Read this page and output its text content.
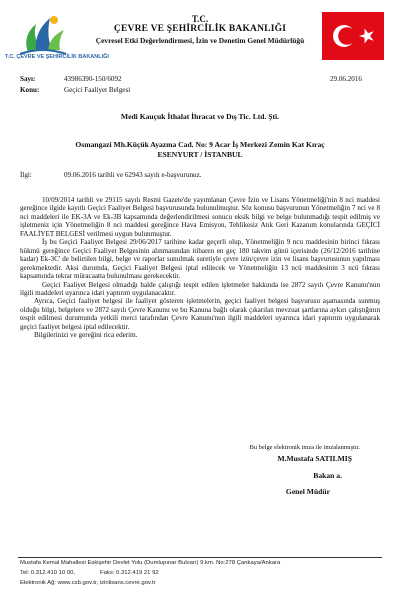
T.C. ÇEVRE VE ŞEHİRCİLİK BAKANLIĞI
T.C.
ÇEVRE VE ŞEHİRCİLİK BAKANLIĞI
Çevresel Etki Değerlendirmesi, İzin ve Denetim Genel Müdürlüğü
Sayı:	43986390-150/6092	29.06.2016
Konu:	Geçici Faaliyet Belgesi
Medi Kauçuk İthalat İhracat ve Dış Tic. Ltd. Şti.
Osmangazi Mh.Küçük Ayazma Cad. No: 9 Acar İş Merkezi Zemin Kat Kıraç
ESENYURT / İSTANBUL
İlgi:	09.06.2016 tarihli ve 62943 sayılı e-başvurunuz.

10/09/2014 tarihli ve 29115 sayılı Resmi Gazete'de yayımlanan Çevre İzin ve Lisans Yönetmeliği'nin 8 nci maddesi gereğince ilgide kayıtlı Geçici Faaliyet Belgesi başvurusunda bulunulmuştur. Söz konusu başvurunun Yönetmeliğin 7 nci ve 8 nci maddeleri ile EK-3A ve Ek-3B kapsamında değerlendirilmesi sonucu eksik bilgi ve belge bulunmadığı tespit edilmiş ve işletmeniz için Yönetmeliğin 8 nci maddesi gereğince Hava Emisyon, Tehlikesiz Atık Geri Kazanım konularında GEÇİCİ FAALİYET BELGESİ verilmesi uygun bulunmuştur.

İş bu Geçici Faaliyet Belgesi 29/06/2017 tarihine kadar geçerli olup, Yönetmeliğin 9 ncu maddesinin birinci fıkrası hükmü gereğince Geçici Faaliyet Belgesinin alınmasından itibaren en geç 180 takvim günü içerisinde (26/12/2016 tarihine kadar) Ek-3C' de belirtilen bilgi, belge ve raporlar sunulmak suretiyle çevre izin/çevre izin ve lisans başvurusunun yapılması gerekmektedir. Aksi durumda, Geçici Faaliyet Belgesi iptal edilecek ve Yönetmeliğin 13 ncü maddesinin 3 ncü fıkrası kapsamında tekrar müracaatta bulunulması gerekecektir.

Geçici Faaliyet Belgesi olmadığı halde çalıştığı tespit edilen işletmeler hakkında ise 2872 sayılı Çevre Kanunu'nun ilgili maddeleri uyarınca idari yaptırım uygulanacaktır.

Ayrıca, Geçici faaliyet belgesi ile faaliyet gösteren işletmelerin, geçici faaliyet belgesi başvurusu aşamasında sunmuş olduğu bilgi, belgelere ve 2872 sayılı Çevre Kanunu ve bu Kanuna bağlı olarak çıkarılan mevzuat şartlarına aykırı çalıştığının tespit edilmesi durumunda yetkili merci tarafından Çevre Kanunu'nun ilgili maddeleri uyarınca idari yaptırım uygulanarak geçici faaliyet belgesi iptal edilecektir.

Bilgilerinizi ve gereğini rica ederim.

Bu belge elektronik imza ile imzalanmıştır.
M.Mustafa SATILMIŞ
Bakan a.
Genel Müdür
Mustafa Kemal Mahallesi Eskişehir Devlet Yolu (Dumlupınar Bulvarı) 9.km. No:278 Çankaya/Ankara
Tel: 0.312.410 10 00,	Faks: 0.312.419 21 92
Elektronik Ağ: www.csb.gov.tr, izinlisans.cevre.gov.tr
